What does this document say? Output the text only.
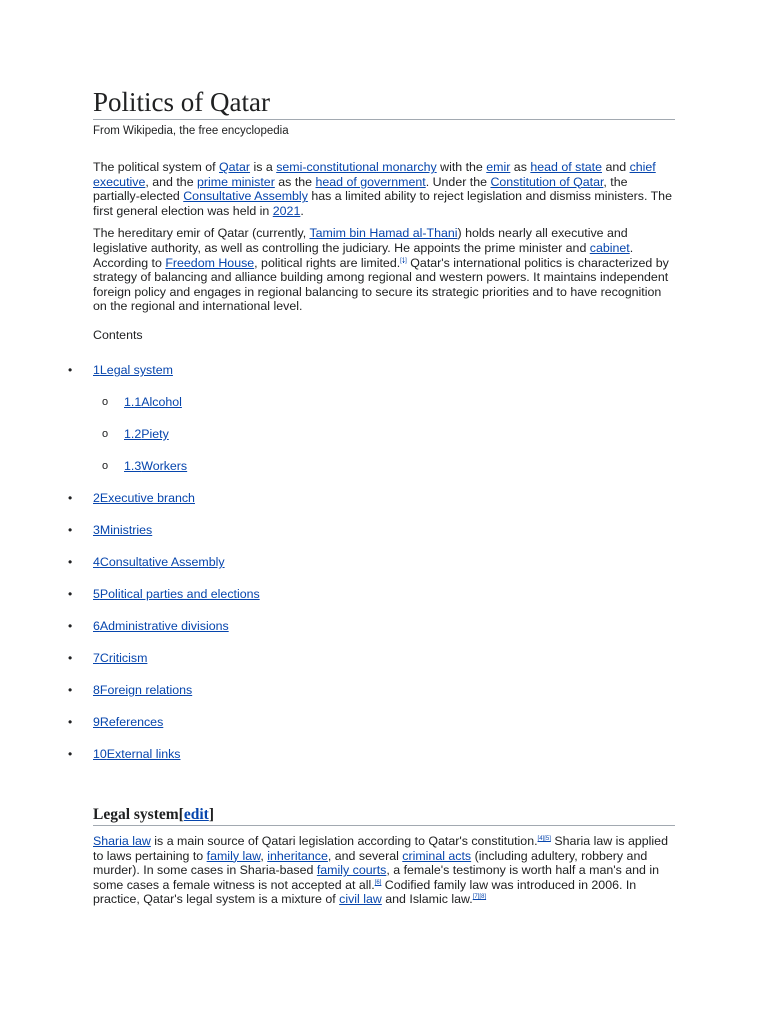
Politics of Qatar
From Wikipedia, the free encyclopedia

The political system of Qatar is a semi-constitutional monarchy with the emir as head of state and chief executive, and the prime minister as the head of government. Under the Constitution of Qatar, the partially-elected Consultative Assembly has a limited ability to reject legislation and dismiss ministers. The first general election was held in 2021.

The hereditary emir of Qatar (currently, Tamim bin Hamad al-Thani) holds nearly all executive and legislative authority, as well as controlling the judiciary. He appoints the prime minister and cabinet. According to Freedom House, political rights are limited.[1] Qatar's international politics is characterized by strategy of balancing and alliance building among regional and western powers. It maintains independent foreign policy and engages in regional balancing to secure its strategic priorities and to have recognition on the regional and international level.

Contents
• 1Legal system
o 1.1Alcohol
o 1.2Piety
o 1.3Workers
• 2Executive branch
• 3Ministries
• 4Consultative Assembly
• 5Political parties and elections
• 6Administrative divisions
• 7Criticism
• 8Foreign relations
• 9References
• 10External links
Legal system[edit]

Sharia law is a main source of Qatari legislation according to Qatar's constitution.[4][5] Sharia law is applied to laws pertaining to family law, inheritance, and several criminal acts (including adultery, robbery and murder). In some cases in Sharia-based family courts, a female's testimony is worth half a man's and in some cases a female witness is not accepted at all.[6] Codified family law was introduced in 2006. In practice, Qatar's legal system is a mixture of civil law and Islamic law.[7][8]
